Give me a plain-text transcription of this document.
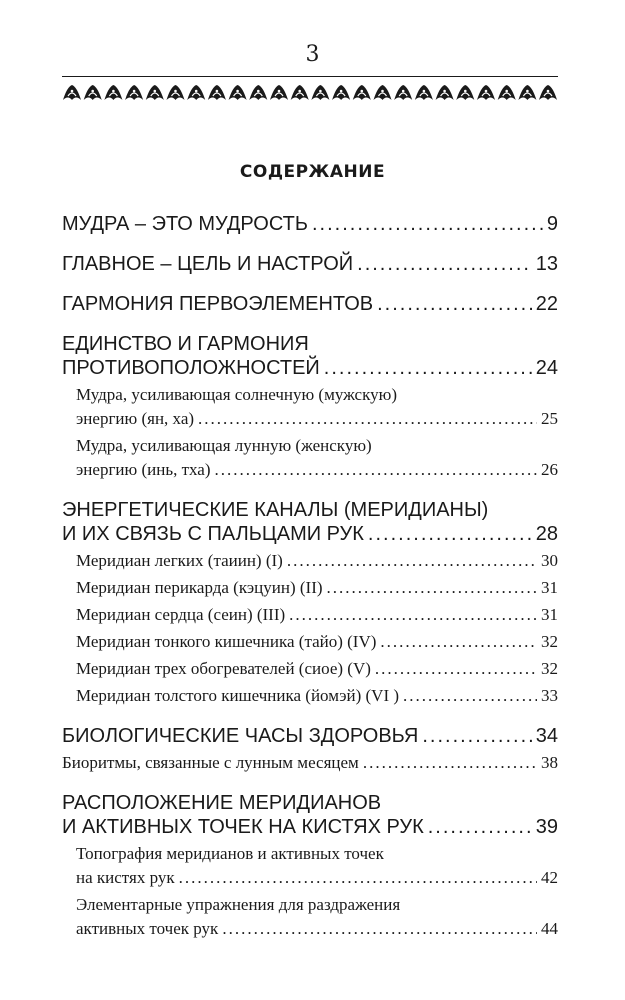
3
СОДЕРЖАНИЕ
МУДРА – ЭТО МУДРОСТЬ .....	9
ГЛАВНОЕ – ЦЕЛЬ И НАСТРОЙ .....	13
ГАРМОНИЯ ПЕРВОЭЛЕМЕНТОВ .....	22
ЕДИНСТВО И ГАРМОНИЯ
ПРОТИВОПОЛОЖНОСТЕЙ .....	24
Мудра, усиливающая солнечную (мужскую)
энергию (ян, ха) .....	25
Мудра, усиливающая лунную (женскую)
энергию (инь, тха) .....	26
ЭНЕРГЕТИЧЕСКИЕ КАНАЛЫ (МЕРИДИАНЫ)
И ИХ СВЯЗЬ С ПАЛЬЦАМИ РУК .....	28
Меридиан легких (таиин) (I) .....	30
Меридиан перикарда (кэцуин) (II) .....	31
Меридиан сердца (сеин) (III) .....	31
Меридиан тонкого кишечника (тайо) (IV) .....	32
Меридиан трех обогревателей (сиое) (V) .....	32
Меридиан толстого кишечника (йомэй) (VI ) .....	33
БИОЛОГИЧЕСКИЕ ЧАСЫ ЗДОРОВЬЯ .....	34
Биоритмы, связанные с лунным месяцем .....	38
РАСПОЛОЖЕНИЕ МЕРИДИАНОВ
И АКТИВНЫХ ТОЧЕК НА КИСТЯХ РУК .....	39
Топография меридианов и активных точек
на кистях рук .....	42
Элементарные упражнения для раздражения
активных точек рук .....	44
